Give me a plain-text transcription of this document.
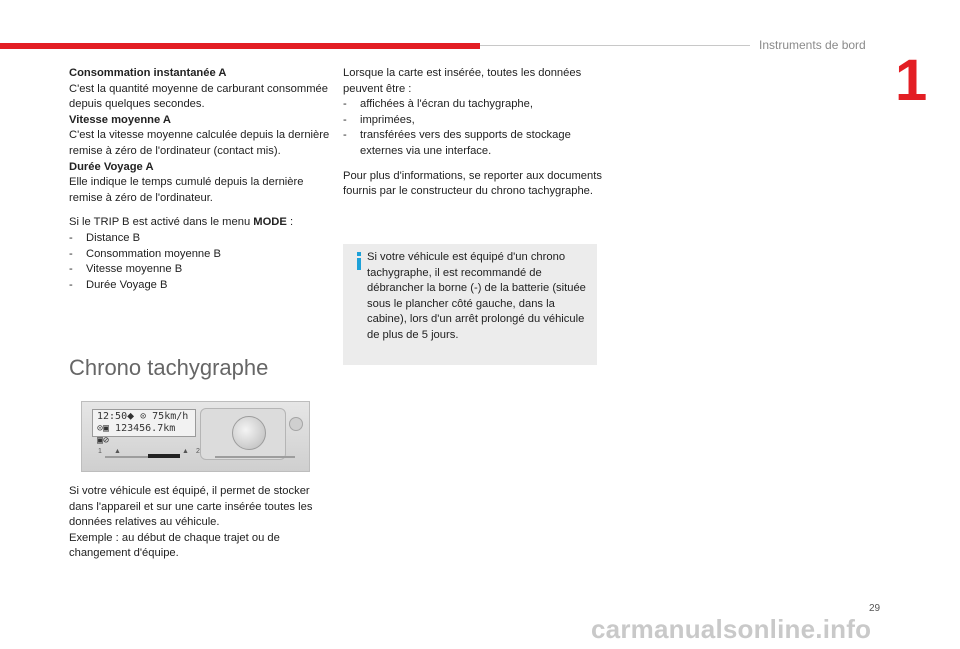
Instruments de bord
1
Consommation instantanée A
C'est la quantité moyenne de carburant consommée depuis quelques secondes.
Vitesse moyenne A
C'est la vitesse moyenne calculée depuis la dernière remise à zéro de l'ordinateur (contact mis).
Durée Voyage A
Elle indique le temps cumulé depuis la dernière remise à zéro de l'ordinateur.
Si le TRIP B est activé dans le menu MODE :
-	Distance B
-	Consommation moyenne B
-	Vitesse moyenne B
-	Durée Voyage B
Chrono tachygraphe
12:50⬥ ⊙ 75km/h
⊙▣ 123456.7km ▣⊘
1 ▲	▲ 2
Si votre véhicule est équipé, il permet de stocker dans l'appareil et sur une carte insérée toutes les données relatives au véhicule.
Exemple : au début de chaque trajet ou de changement d'équipe.
Lorsque la carte est insérée, toutes les données peuvent être :
-	affichées à l'écran du tachygraphe,
-	imprimées,
-	transférées vers des supports de stockage externes via une interface.
Pour plus d'informations, se reporter aux documents fournis par le constructeur du chrono tachygraphe.
Si votre véhicule est équipé d'un chrono tachygraphe, il est recommandé de débrancher la borne (-) de la batterie (située sous le plancher côté gauche, dans la cabine), lors d'un arrêt prolongé du véhicule de plus de 5 jours.
29
carmanualsonline.info
